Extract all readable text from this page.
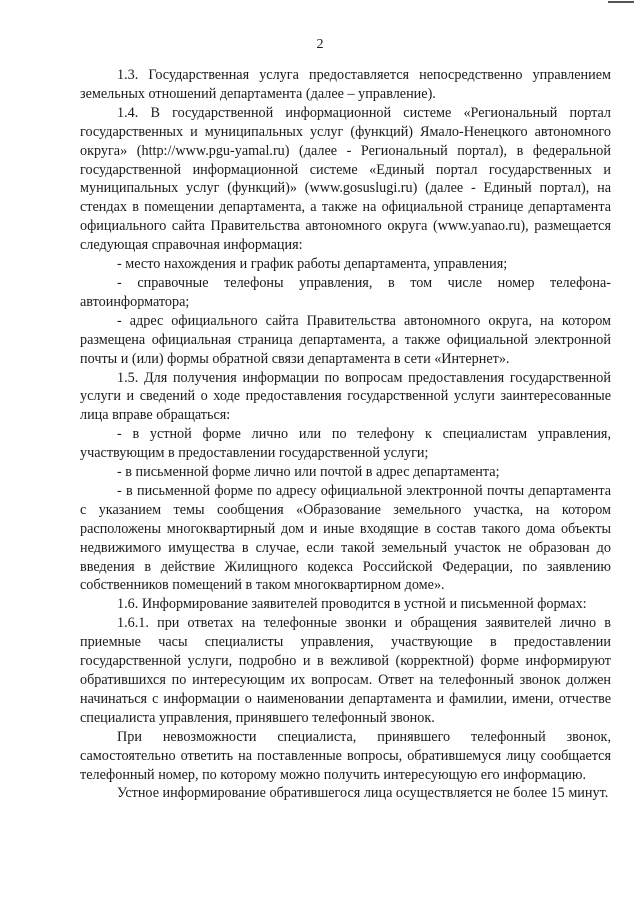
2

1.3. Государственная услуга предоставляется непосредственно управлением земельных отношений департамента (далее – управление).

1.4. В государственной информационной системе «Региональный портал государственных и муниципальных услуг (функций) Ямало-Ненецкого автономного округа» (http://www.pgu-yamal.ru) (далее - Региональный портал), в федеральной государственной информационной системе «Единый портал государственных и муниципальных услуг (функций)» (www.gosuslugi.ru) (далее - Единый портал), на стендах в помещении департамента, а также на официальной странице департамента официального сайта Правительства автономного округа (www.yanao.ru), размещается следующая справочная информация:

- место нахождения и график работы департамента, управления;

- справочные телефоны управления, в том числе номер телефона-автоинформатора;

- адрес официального сайта Правительства автономного округа, на котором размещена официальная страница департамента, а также официальной электронной почты и (или) формы обратной связи департамента в сети «Интернет».

1.5. Для получения информации по вопросам предоставления государственной услуги и сведений о ходе предоставления государственной услуги заинтересованные лица вправе обращаться:

- в устной форме лично или по телефону к специалистам управления, участвующим в предоставлении государственной услуги;

- в письменной форме лично или почтой в адрес департамента;

- в письменной форме по адресу официальной электронной почты департамента с указанием темы сообщения «Образование земельного участка, на котором расположены многоквартирный дом и иные входящие в состав такого дома объекты недвижимого имущества в случае, если такой земельный участок не образован до введения в действие Жилищного кодекса Российской Федерации, по заявлению собственников помещений в таком многоквартирном доме».

1.6. Информирование заявителей проводится в устной и письменной формах:

1.6.1. при ответах на телефонные звонки и обращения заявителей лично в приемные часы специалисты управления, участвующие в предоставлении государственной услуги, подробно и в вежливой (корректной) форме информируют обратившихся по интересующим их вопросам. Ответ на телефонный звонок должен начинаться с информации о наименовании департамента и фамилии, имени, отчестве специалиста управления, принявшего телефонный звонок.

При невозможности специалиста, принявшего телефонный звонок, самостоятельно ответить на поставленные вопросы, обратившемуся лицу сообщается телефонный номер, по которому можно получить интересующую его информацию.

Устное информирование обратившегося лица осуществляется не более 15 минут.
